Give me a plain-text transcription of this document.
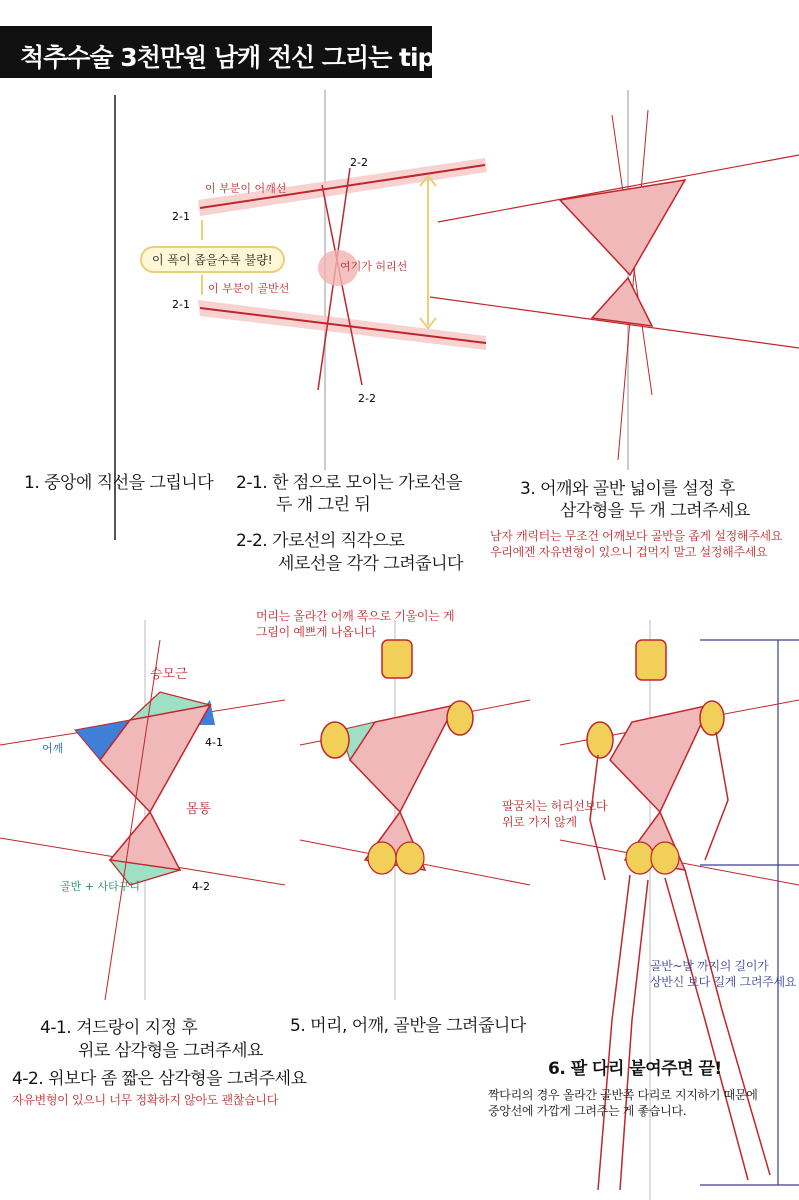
척추수술 3천만원 남캐 전신 그리는 tip
이 부분이 어깨선
이 부분이 골반선
여기가 허리선
2-1
2-1
2-2
2-2
이 폭이 좁을수록 불량!
1. 중앙에 직선을 그립니다 2-1. 한 점으로 모이는 가로선을
두 개 그린 뒤
2-2. 가로선의 직각으로
세로선을 각각 그려줍니다
3. 어깨와 골반 넓이를 설정 후
삼각형을 두 개 그려주세요
남자 캐릭터는 무조건 어깨보다 골반을 좁게 설정해주세요
우리에겐 자유변형이 있으니 겁먹지 말고 설정해주세요
승모근
어깨
몸통
골반 + 사타구니
4-1
4-2
머리는 올라간 어깨 쪽으로 기울이는 게
그림이 예쁘게 나옵니다
팔꿈치는 허리선보다
위로 가지 않게
골반~발 까지의 길이가
상반신 보다 길게 그려주세요
4-1. 겨드랑이 지정 후
위로 삼각형을 그려주세요
4-2. 위보다 좀 짧은 삼각형을 그려주세요
자유변형이 있으니 너무 정확하지 않아도 괜찮습니다
5. 머리, 어깨, 골반을 그려줍니다
6. 팔 다리 붙여주면 끝!
짝다리의 경우 올라간 골반쪽 다리로 지지하기 때문에
중앙선에 가깝게 그려주는 게 좋습니다.
